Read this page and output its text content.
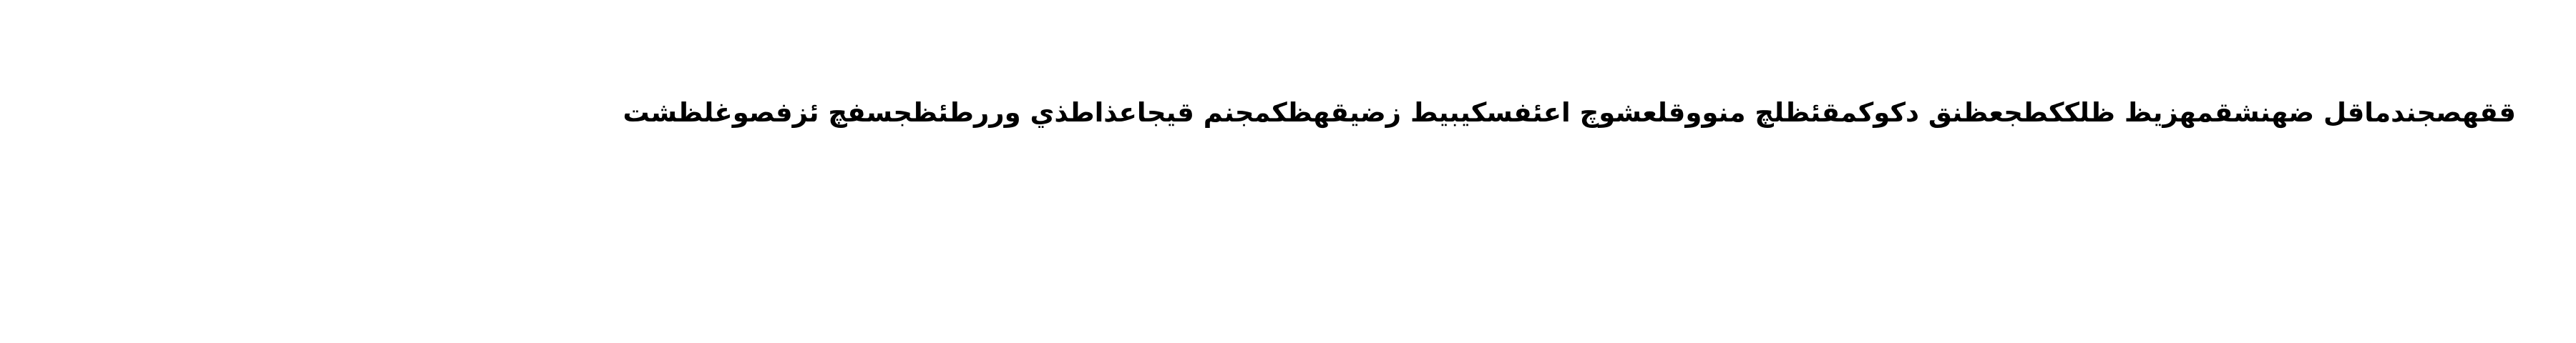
ققهصجندماقل ضهنشقمهزيظ ظلككطجعظنق دكوكمقئظلچ منووقلعشوچ اعئفسكيبيط زضيقهظكمجنم قيجاعذاطذي وررطئظجسفچ ئزفصوغلظشت
